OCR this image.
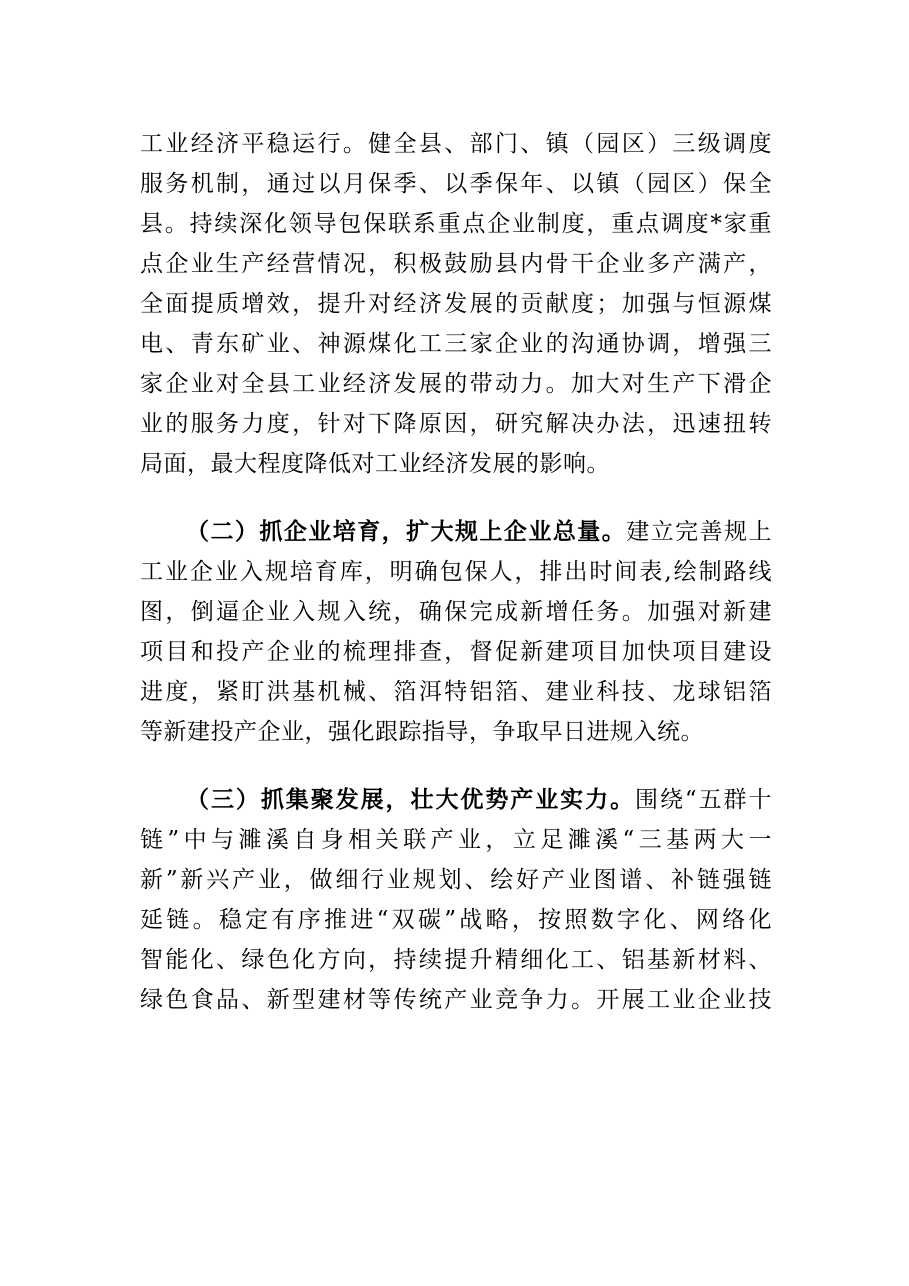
工业经济平稳运行。健全县、部门、镇（园区）三级调度
服务机制，通过以月保季、以季保年、以镇（园区）保全
县。持续深化领导包保联系重点企业制度，重点调度*家重
点企业生产经营情况，积极鼓励县内骨干企业多产满产，
全面提质增效，提升对经济发展的贡献度；加强与恒源煤
电、青东矿业、神源煤化工三家企业的沟通协调，增强三
家企业对全县工业经济发展的带动力。加大对生产下滑企
业的服务力度，针对下降原因，研究解决办法，迅速扭转
局面，最大程度降低对工业经济发展的影响。
（二）抓企业培育，扩大规上企业总量。建立完善规上
工业企业入规培育库，明确包保人，排出时间表,绘制路线
图，倒逼企业入规入统，确保完成新增任务。加强对新建
项目和投产企业的梳理排查，督促新建项目加快项目建设
进度，紧盯洪基机械、箔洱特铝箔、建业科技、龙球铝箔
等新建投产企业，强化跟踪指导，争取早日进规入统。
（三）抓集聚发展，壮大优势产业实力。围绕“五群十
链”中与濉溪自身相关联产业，立足濉溪“三基两大一
新”新兴产业，做细行业规划、绘好产业图谱、补链强链
延链。稳定有序推进“双碳”战略，按照数字化、网络化
智能化、绿色化方向，持续提升精细化工、铝基新材料、
绿色食品、新型建材等传统产业竞争力。开展工业企业技
